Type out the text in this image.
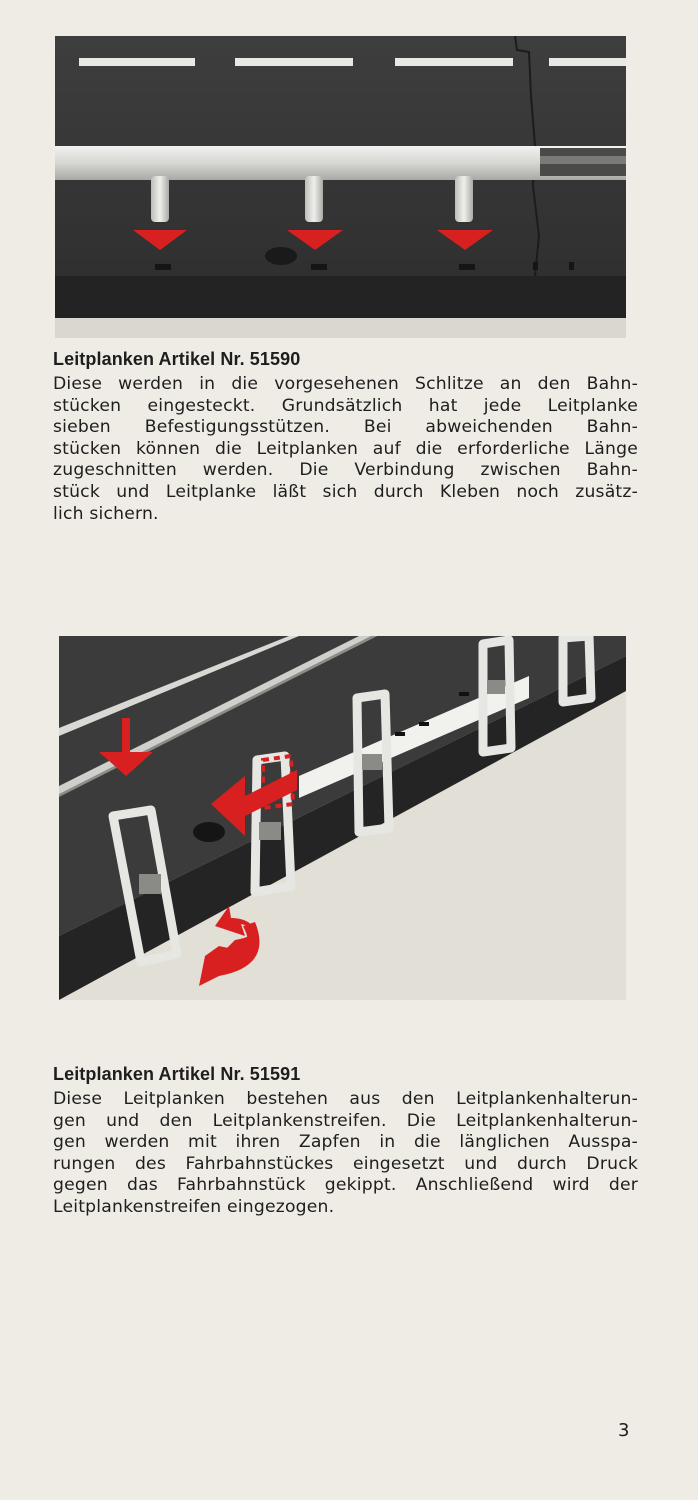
Leitplanken Artikel Nr. 51590
Diese werden in die vorgesehenen Schlitze an den Bahn-
stücken eingesteckt. Grundsätzlich hat jede Leitplanke
sieben Befestigungsstützen. Bei abweichenden Bahn-
stücken können die Leitplanken auf die erforderliche Länge
zugeschnitten werden. Die Verbindung zwischen Bahn-
stück und Leitplanke läßt sich durch Kleben noch zusätz-
lich sichern.
Leitplanken Artikel Nr. 51591
Diese Leitplanken bestehen aus den Leitplankenhalterun-
gen und den Leitplankenstreifen. Die Leitplankenhalterun-
gen werden mit ihren Zapfen in die länglichen Ausspa-
rungen des Fahrbahnstückes eingesetzt und durch Druck
gegen das Fahrbahnstück gekippt. Anschließend wird der
Leitplankenstreifen eingezogen.
3
